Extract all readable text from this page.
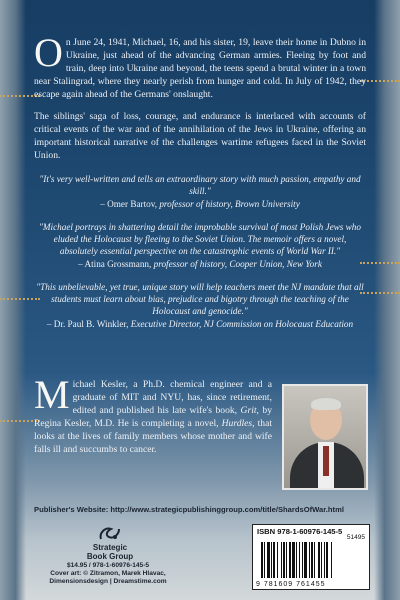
O n June 24, 1941, Michael, 16, and his sister, 19, leave their home in Dubno in Ukraine, just ahead of the advancing German armies. Fleeing by foot and train, deep into Ukraine and beyond, the teens spend a brutal winter in a town near Stalingrad, where they nearly perish from hunger and cold. In July of 1942, they escape again ahead of the Germans' onslaught.

The siblings' saga of loss, courage, and endurance is interlaced with accounts of critical events of the war and of the annihilation of the Jews in Ukraine, offering an important historical narrative of the challenges wartime refugees faced in the Soviet Union.

"It's very well-written and tells an extraordinary story with much passion, empathy and skill."

– Omer Bartov, professor of history, Brown University

"Michael portrays in shattering detail the improbable survival of most Polish Jews who eluded the Holocaust by fleeing to the Soviet Union. The memoir offers a novel, absolutely essential perspective on the catastrophic events of World War II."

– Atina Grossmann, professor of history, Cooper Union, New York

"This unbelievable, yet true, unique story will help teachers meet the NJ mandate that all students must learn about bias, prejudice and bigotry through the teaching of the Holocaust and genocide."

– Dr. Paul B. Winkler, Executive Director, NJ Commission on Holocaust Education

M ichael Kesler, a Ph.D. chemical engineer and a graduate of MIT and NYU, has, since retirement, edited and published his late wife's book, Grit, by Regina Kesler, M.D. He is completing a novel, Hurdles, that looks at the lives of family members whose mother and wife falls ill and succumbs to cancer.

Publisher's Website: http://www.strategicpublishinggroup.com/title/ShardsOfWar.html
Strategic
Book Group
$14.95 / 978-1-60976-145-5
Cover art: © Zitramon, Marek Hlavac,
Dimensionsdesign | Dreamstime.com
ISBN 978-1-60976-145-5
51495
9 781609 761455
